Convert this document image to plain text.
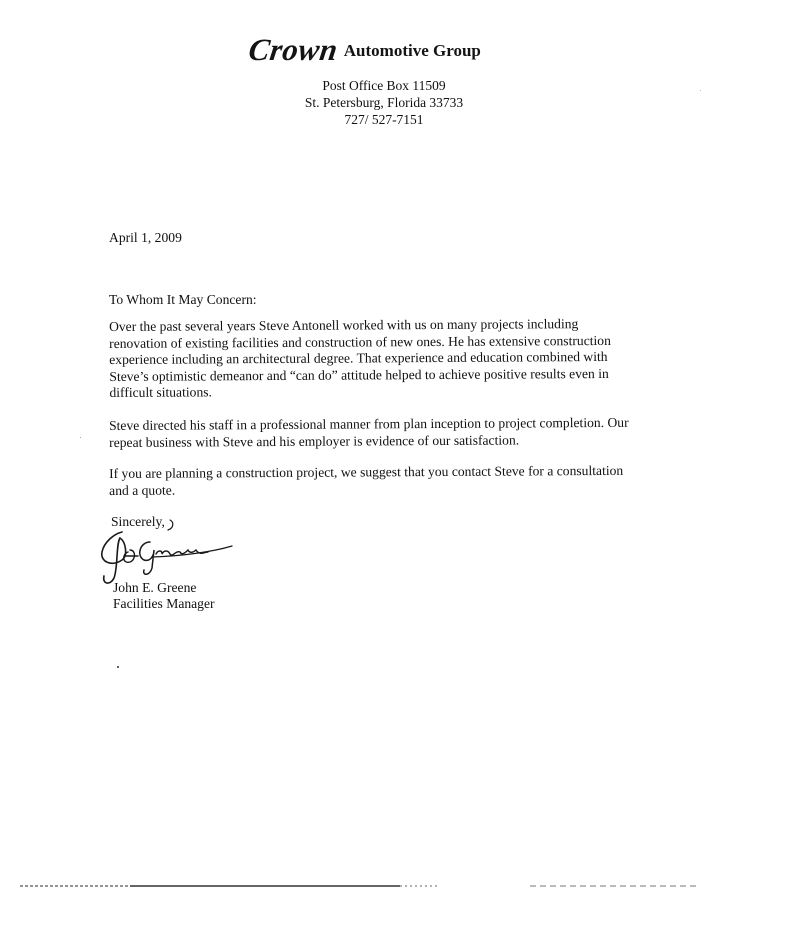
Crown Automotive Group
Post Office Box 11509
St. Petersburg, Florida 33733
727/ 527-7151
April 1, 2009
To Whom It May Concern:
Over the past several years Steve Antonell worked with us on many projects including renovation of existing facilities and construction of new ones. He has extensive construction experience including an architectural degree. That experience and education combined with Steve’s optimistic demeanor and “can do” attitude helped to achieve positive results even in difficult situations.
Steve directed his staff in a professional manner from plan inception to project completion. Our repeat business with Steve and his employer is evidence of our satisfaction.
If you are planning a construction project, we suggest that you contact Steve for a consultation and a quote.
Sincerely,
John E. Greene
Facilities Manager
